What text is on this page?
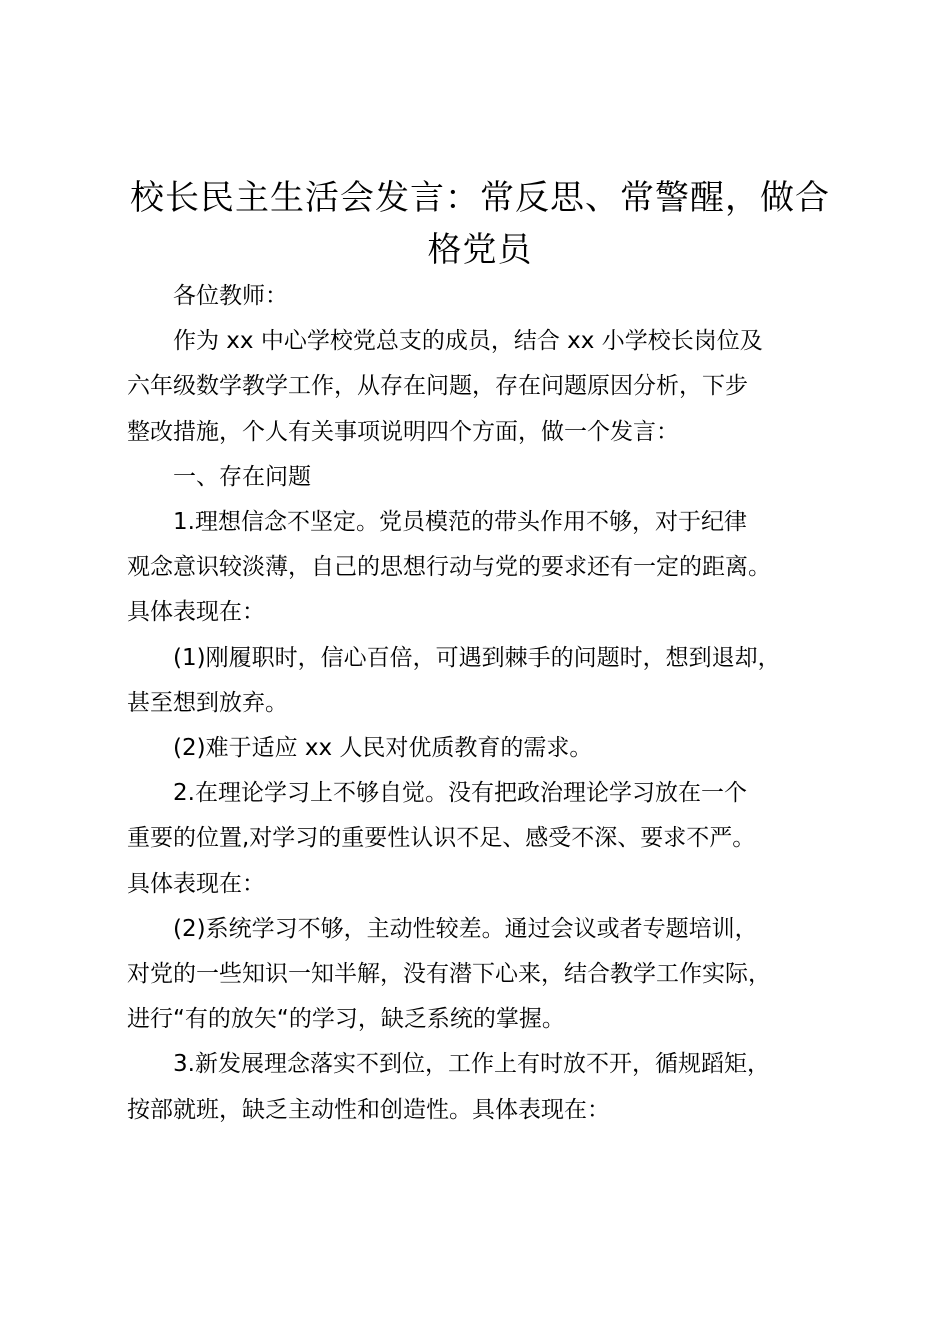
校长民主生活会发言：常反思、常警醒，做合
格党员

各位教师：

作为 xx 中心学校党总支的成员，结合 xx 小学校长岗位及
六年级数学教学工作，从存在问题，存在问题原因分析，下步
整改措施，个人有关事项说明四个方面，做一个发言：

一、存在问题

1.理想信念不坚定。党员模范的带头作用不够，对于纪律
观念意识较淡薄，自己的思想行动与党的要求还有一定的距离。
具体表现在：

(1)刚履职时，信心百倍，可遇到棘手的问题时，想到退却，
甚至想到放弃。

(2)难于适应 xx 人民对优质教育的需求。

2.在理论学习上不够自觉。没有把政治理论学习放在一个
重要的位置,对学习的重要性认识不足、感受不深、要求不严。
具体表现在：

(2)系统学习不够，主动性较差。通过会议或者专题培训，
对党的一些知识一知半解，没有潜下心来，结合教学工作实际，
进行“有的放矢“的学习，缺乏系统的掌握。

3.新发展理念落实不到位，工作上有时放不开，循规蹈矩，
按部就班，缺乏主动性和创造性。具体表现在：
